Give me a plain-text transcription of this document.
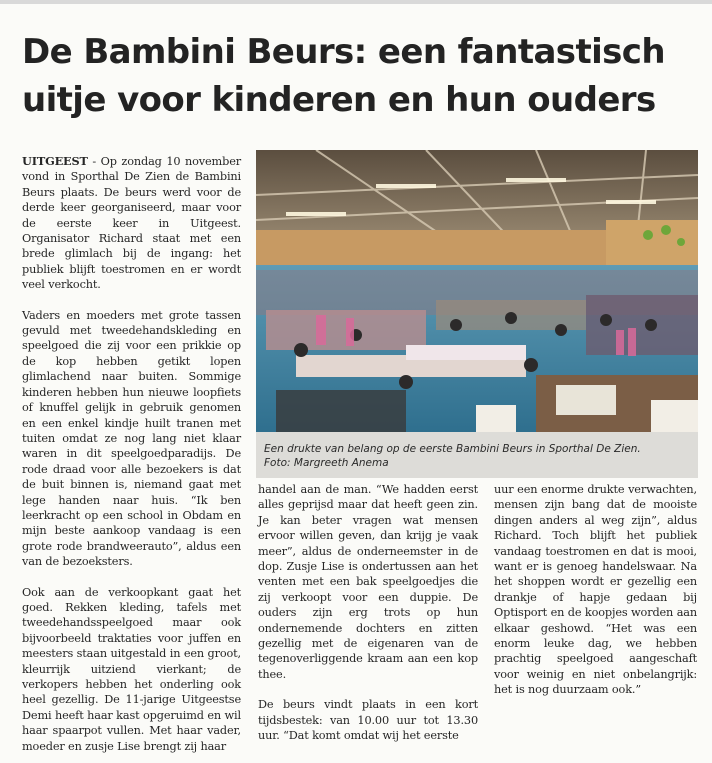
De Bambini Beurs: een fantastisch
uitje voor kinderen en hun ouders

UITGEEST - Op zondag 10 november vond in Sporthal De Zien de Bambini Beurs plaats. De beurs werd voor de derde keer georganiseerd, maar voor de eerste keer in Uitgeest. Organisator Richard staat met een brede glimlach bij de ingang: het publiek blijft toestromen en er wordt veel verkocht.

Vaders en moeders met grote tassen gevuld met tweedehandskleding en speelgoed die zij voor een prikkie op de kop hebben getikt lopen glimlachend naar buiten. Sommige kinderen hebben hun nieuwe loopfiets of knuffel gelijk in gebruik genomen en een enkel kindje huilt tranen met tuiten omdat ze nog lang niet klaar waren in dit speelgoedparadijs. De rode draad voor alle bezoekers is dat de buit binnen is, niemand gaat met lege handen naar huis. “Ik ben leerkracht op een school in Obdam en mijn beste aankoop vandaag is een grote rode brandweerauto”, aldus een van de bezoeksters.

Ook aan de verkoopkant gaat het goed. Rekken kleding, tafels met tweedehandsspeelgoed maar ook bijvoorbeeld traktaties voor juffen en meesters staan uitgestald in een groot, kleurrijk uitziend vierkant; de verkopers hebben het onderling ook heel gezellig. De 11-jarige Uitgeestse Demi heeft haar kast opgeruimd en wil haar spaarpot vullen. Met haar vader, moeder en zusje Lise brengt zij haar

handel aan de man. “We hadden eerst alles geprijsd maar dat heeft geen zin. Je kan beter vragen wat mensen ervoor willen geven, dan krijg je vaak meer”, aldus de onderneemster in de dop. Zusje Lise is ondertussen aan het venten met een bak speelgoedjes die zij verkoopt voor een duppie. De ouders zijn erg trots op hun ondernemende dochters en zitten gezellig met de eigenaren van de tegenoverliggende kraam aan een kop thee.

De beurs vindt plaats in een kort tijdsbestek: van 10.00 uur tot 13.30 uur. “Dat komt omdat wij het eerste

uur een enorme drukte verwachten, mensen zijn bang dat de mooiste dingen anders al weg zijn”, aldus Richard. Toch blijft het publiek vandaag toestromen en dat is mooi, want er is genoeg handelswaar. Na het shoppen wordt er gezellig een drankje of hapje gedaan bij Optisport en de koopjes worden aan elkaar geshowd. “Het was een enorm leuke dag, we hebben prachtig speelgoed aangeschaft voor weinig en niet onbelangrijk: het is nog duurzaam ook.”

Een drukte van belang op de eerste Bambini Beurs in Sporthal De Zien.
Foto: Margreeth Anema
